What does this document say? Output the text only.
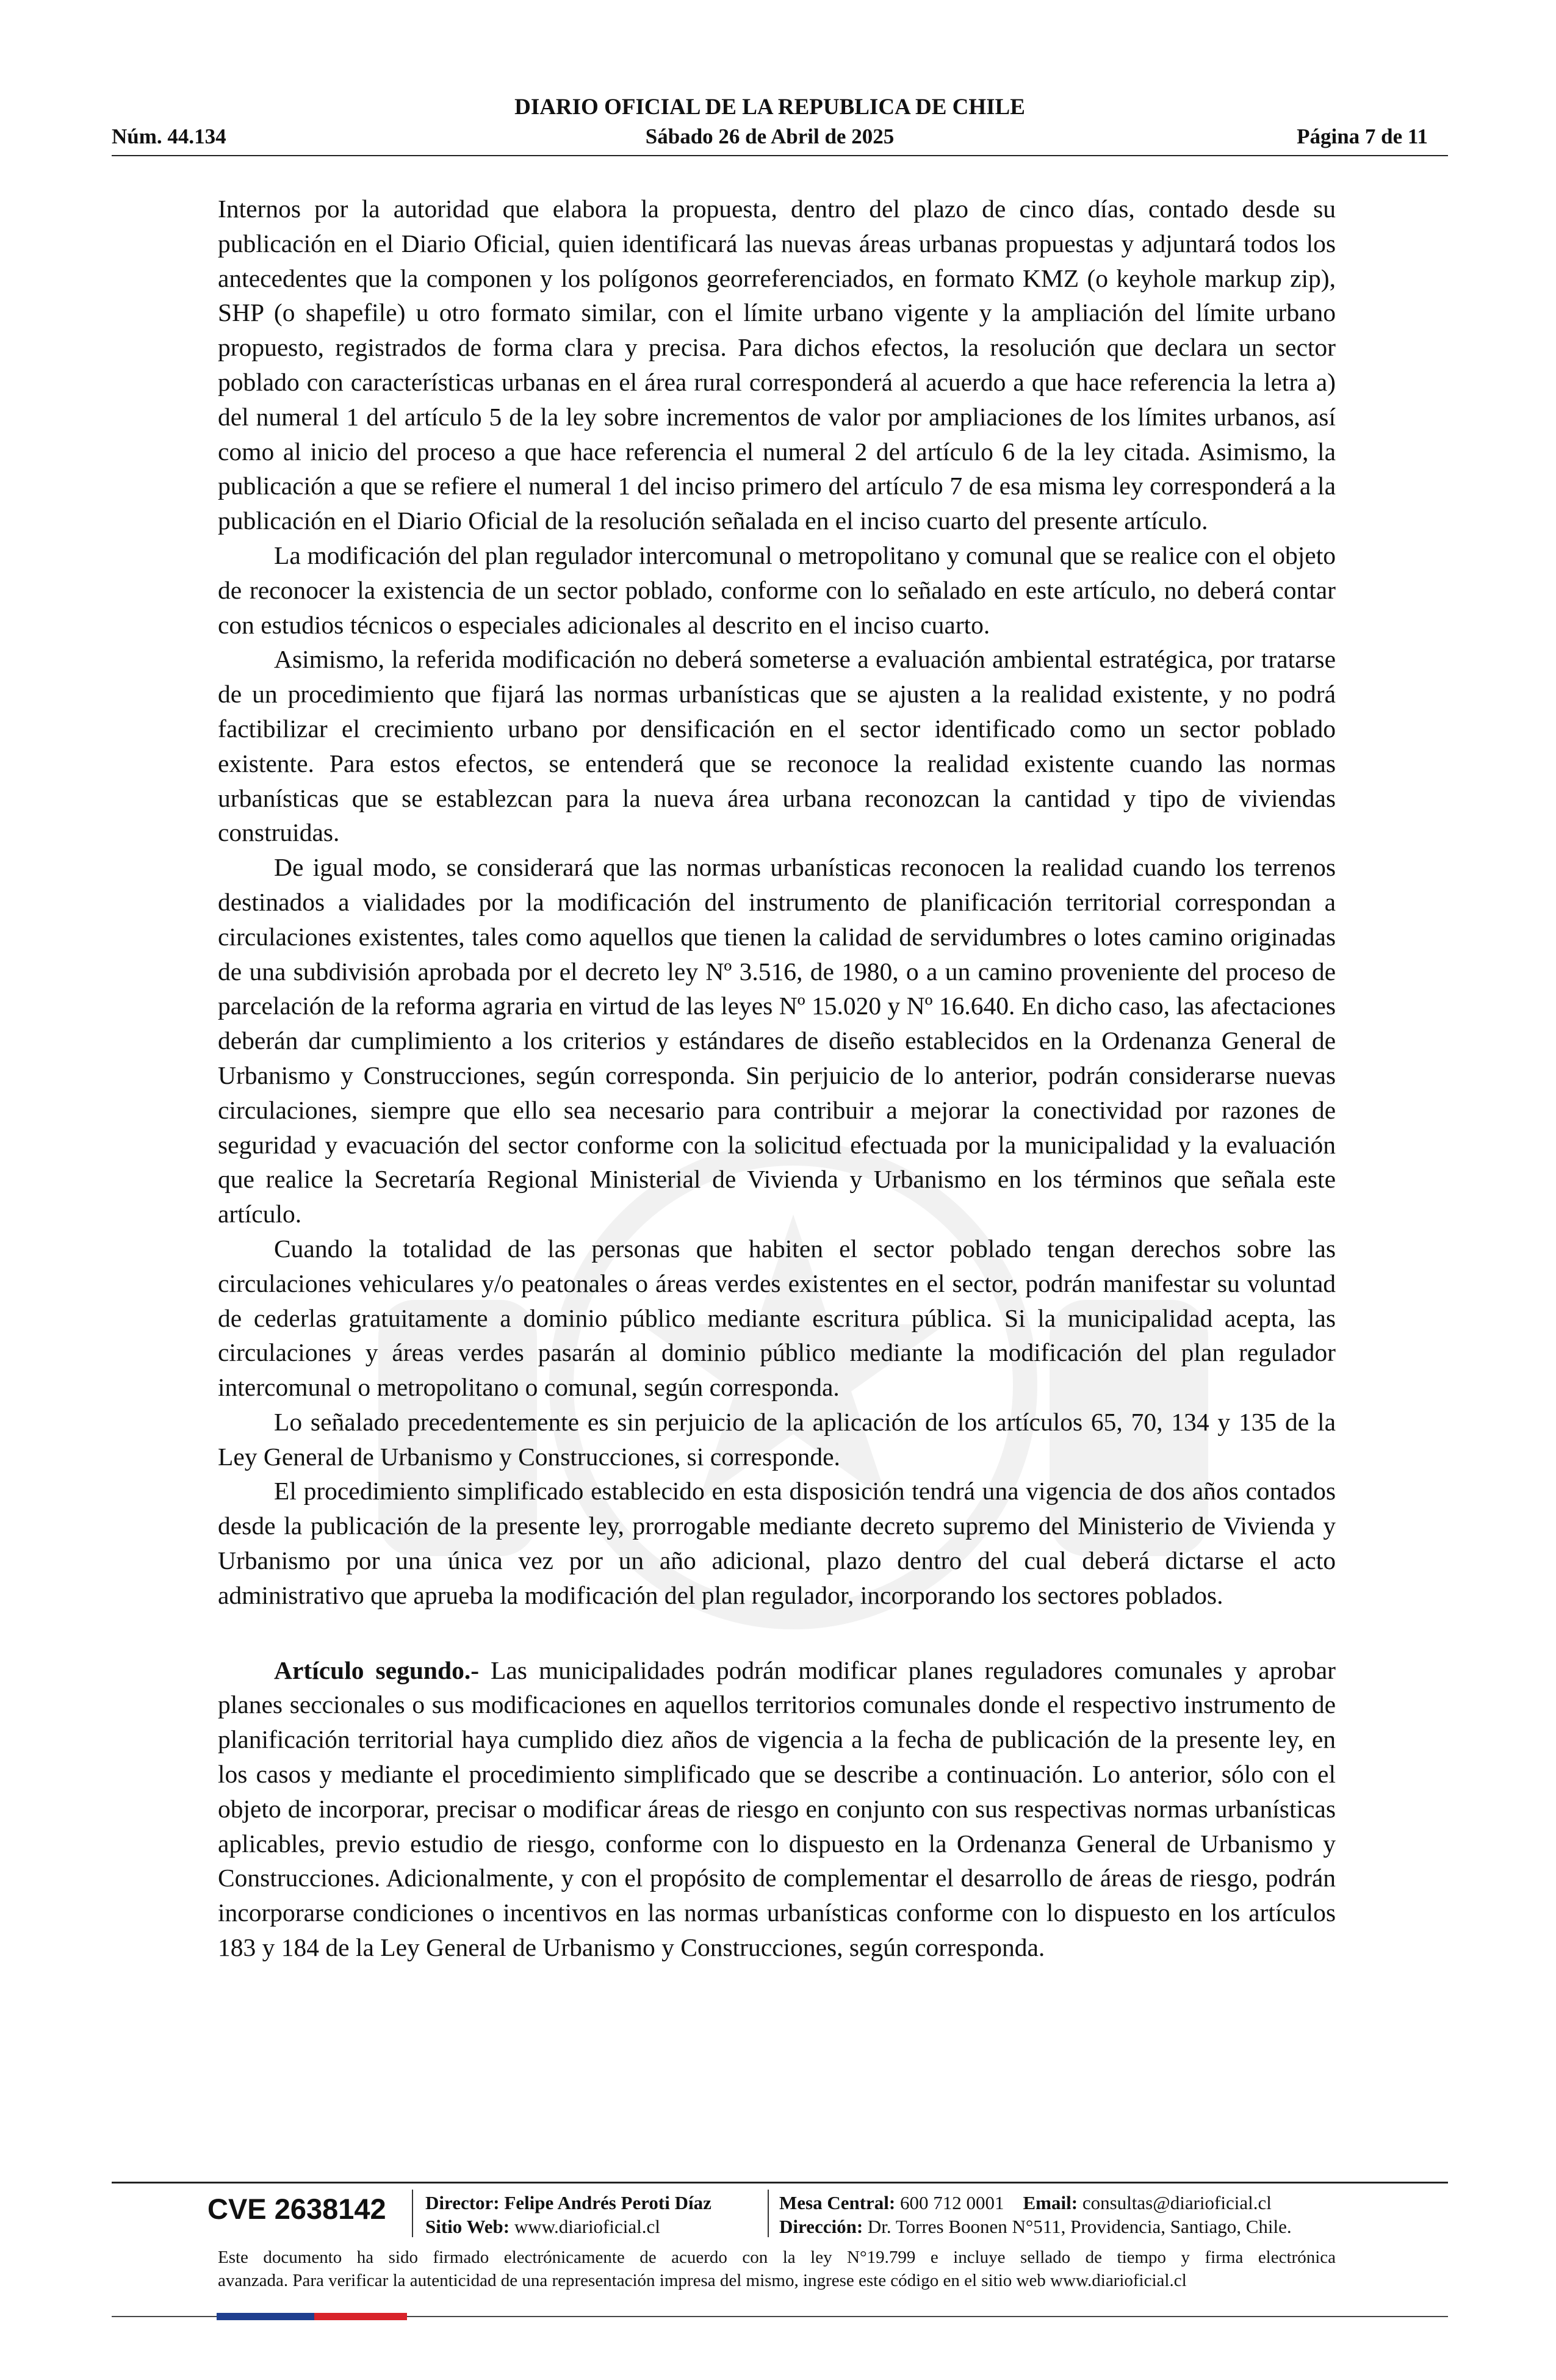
DIARIO OFICIAL DE LA REPUBLICA DE CHILE
Núm. 44.134	Sábado 26 de Abril de 2025	Página 7 de 11

Internos por la autoridad que elabora la propuesta, dentro del plazo de cinco días, contado desde su publicación en el Diario Oficial, quien identificará las nuevas áreas urbanas propuestas y adjuntará todos los antecedentes que la componen y los polígonos georreferenciados, en formato KMZ (o keyhole markup zip), SHP (o shapefile) u otro formato similar, con el límite urbano vigente y la ampliación del límite urbano propuesto, registrados de forma clara y precisa. Para dichos efectos, la resolución que declara un sector poblado con características urbanas en el área rural corresponderá al acuerdo a que hace referencia la letra a) del numeral 1 del artículo 5 de la ley sobre incrementos de valor por ampliaciones de los límites urbanos, así como al inicio del proceso a que hace referencia el numeral 2 del artículo 6 de la ley citada. Asimismo, la publicación a que se refiere el numeral 1 del inciso primero del artículo 7 de esa misma ley corresponderá a la publicación en el Diario Oficial de la resolución señalada en el inciso cuarto del presente artículo.

La modificación del plan regulador intercomunal o metropolitano y comunal que se realice con el objeto de reconocer la existencia de un sector poblado, conforme con lo señalado en este artículo, no deberá contar con estudios técnicos o especiales adicionales al descrito en el inciso cuarto.

Asimismo, la referida modificación no deberá someterse a evaluación ambiental estratégica, por tratarse de un procedimiento que fijará las normas urbanísticas que se ajusten a la realidad existente, y no podrá factibilizar el crecimiento urbano por densificación en el sector identificado como un sector poblado existente. Para estos efectos, se entenderá que se reconoce la realidad existente cuando las normas urbanísticas que se establezcan para la nueva área urbana reconozcan la cantidad y tipo de viviendas construidas.

De igual modo, se considerará que las normas urbanísticas reconocen la realidad cuando los terrenos destinados a vialidades por la modificación del instrumento de planificación territorial correspondan a circulaciones existentes, tales como aquellos que tienen la calidad de servidumbres o lotes camino originadas de una subdivisión aprobada por el decreto ley Nº 3.516, de 1980, o a un camino proveniente del proceso de parcelación de la reforma agraria en virtud de las leyes Nº 15.020 y Nº 16.640. En dicho caso, las afectaciones deberán dar cumplimiento a los criterios y estándares de diseño establecidos en la Ordenanza General de Urbanismo y Construcciones, según corresponda. Sin perjuicio de lo anterior, podrán considerarse nuevas circulaciones, siempre que ello sea necesario para contribuir a mejorar la conectividad por razones de seguridad y evacuación del sector conforme con la solicitud efectuada por la municipalidad y la evaluación que realice la Secretaría Regional Ministerial de Vivienda y Urbanismo en los términos que señala este artículo.

Cuando la totalidad de las personas que habiten el sector poblado tengan derechos sobre las circulaciones vehiculares y/o peatonales o áreas verdes existentes en el sector, podrán manifestar su voluntad de cederlas gratuitamente a dominio público mediante escritura pública. Si la municipalidad acepta, las circulaciones y áreas verdes pasarán al dominio público mediante la modificación del plan regulador intercomunal o metropolitano o comunal, según corresponda.

Lo señalado precedentemente es sin perjuicio de la aplicación de los artículos 65, 70, 134 y 135 de la Ley General de Urbanismo y Construcciones, si corresponde.

El procedimiento simplificado establecido en esta disposición tendrá una vigencia de dos años contados desde la publicación de la presente ley, prorrogable mediante decreto supremo del Ministerio de Vivienda y Urbanismo por una única vez por un año adicional, plazo dentro del cual deberá dictarse el acto administrativo que aprueba la modificación del plan regulador, incorporando los sectores poblados.

Artículo segundo.- Las municipalidades podrán modificar planes reguladores comunales y aprobar planes seccionales o sus modificaciones en aquellos territorios comunales donde el respectivo instrumento de planificación territorial haya cumplido diez años de vigencia a la fecha de publicación de la presente ley, en los casos y mediante el procedimiento simplificado que se describe a continuación. Lo anterior, sólo con el objeto de incorporar, precisar o modificar áreas de riesgo en conjunto con sus respectivas normas urbanísticas aplicables, previo estudio de riesgo, conforme con lo dispuesto en la Ordenanza General de Urbanismo y Construcciones. Adicionalmente, y con el propósito de complementar el desarrollo de áreas de riesgo, podrán incorporarse condiciones o incentivos en las normas urbanísticas conforme con lo dispuesto en los artículos 183 y 184 de la Ley General de Urbanismo y Construcciones, según corresponda.

CVE 2638142 Director: Felipe Andrés Peroti Díaz
Sitio Web: www.diarioficial.cl
Mesa Central: 600 712 0001 Email: consultas@diarioficial.cl
Dirección: Dr. Torres Boonen N°511, Providencia, Santiago, Chile.
Este documento ha sido firmado electrónicamente de acuerdo con la ley N°19.799 e incluye sellado de tiempo y firma electrónica
avanzada. Para verificar la autenticidad de una representación impresa del mismo, ingrese este código en el sitio web www.diarioficial.cl
